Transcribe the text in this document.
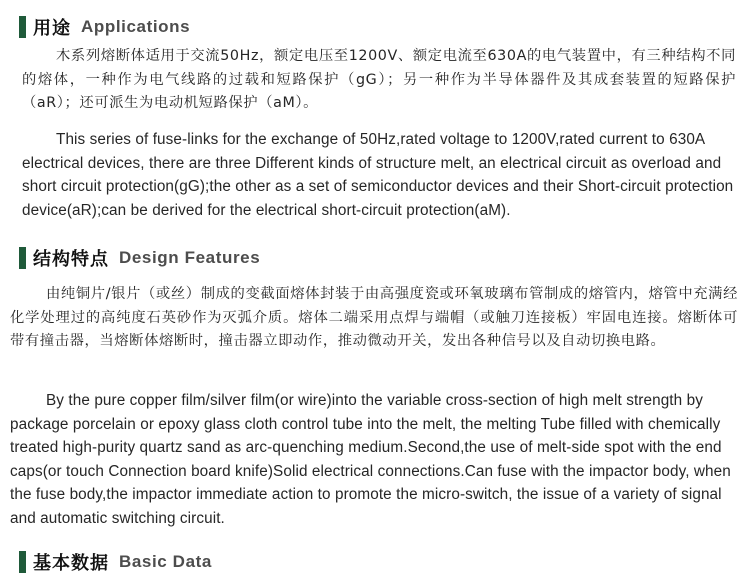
用途 Applications

木系列熔断体适用于交流50Hz，额定电压至1200V、额定电流至630A的电气装置中，有三种结构不同的熔体，一种作为电气线路的过载和短路保护（gG）；另一种作为半导体器件及其成套装置的短路保护（aR）；还可派生为电动机短路保护（aM）。

This series of fuse-links for the exchange of 50Hz,rated voltage to 1200V,rated current to 630A electrical devices, there are three Different kinds of structure melt, an electrical circuit as overload and short circuit protection(gG);the other as a set of semiconductor devices and their Short-circuit protection device(aR);can be derived for the electrical short-circuit protection(aM).

结构特点 Design Features

由纯铜片/银片（或丝）制成的变截面熔体封装于由高强度瓷或环氧玻璃布管制成的熔管内，熔管中充满经化学处理过的高纯度石英砂作为灭弧介质。熔体二端采用点焊与端帽（或触刀连接板）牢固电连接。熔断体可带有撞击器，当熔断体熔断时，撞击器立即动作，推动微动开关，发出各种信号以及自动切换电路。

By the pure copper film/silver film(or wire)into the variable cross-section of high melt strength by package porcelain or epoxy glass cloth control tube into the melt, the melting Tube filled with chemically treated high-purity quartz sand as arc-quenching medium.Second,the use of melt-side spot with the end caps(or touch Connection board knife)Solid electrical connections.Can fuse with the impactor body, when the fuse body,the impactor immediate action to promote the micro-switch, the issue of a variety of signal and automatic switching circuit.

基本数据 Basic Data
